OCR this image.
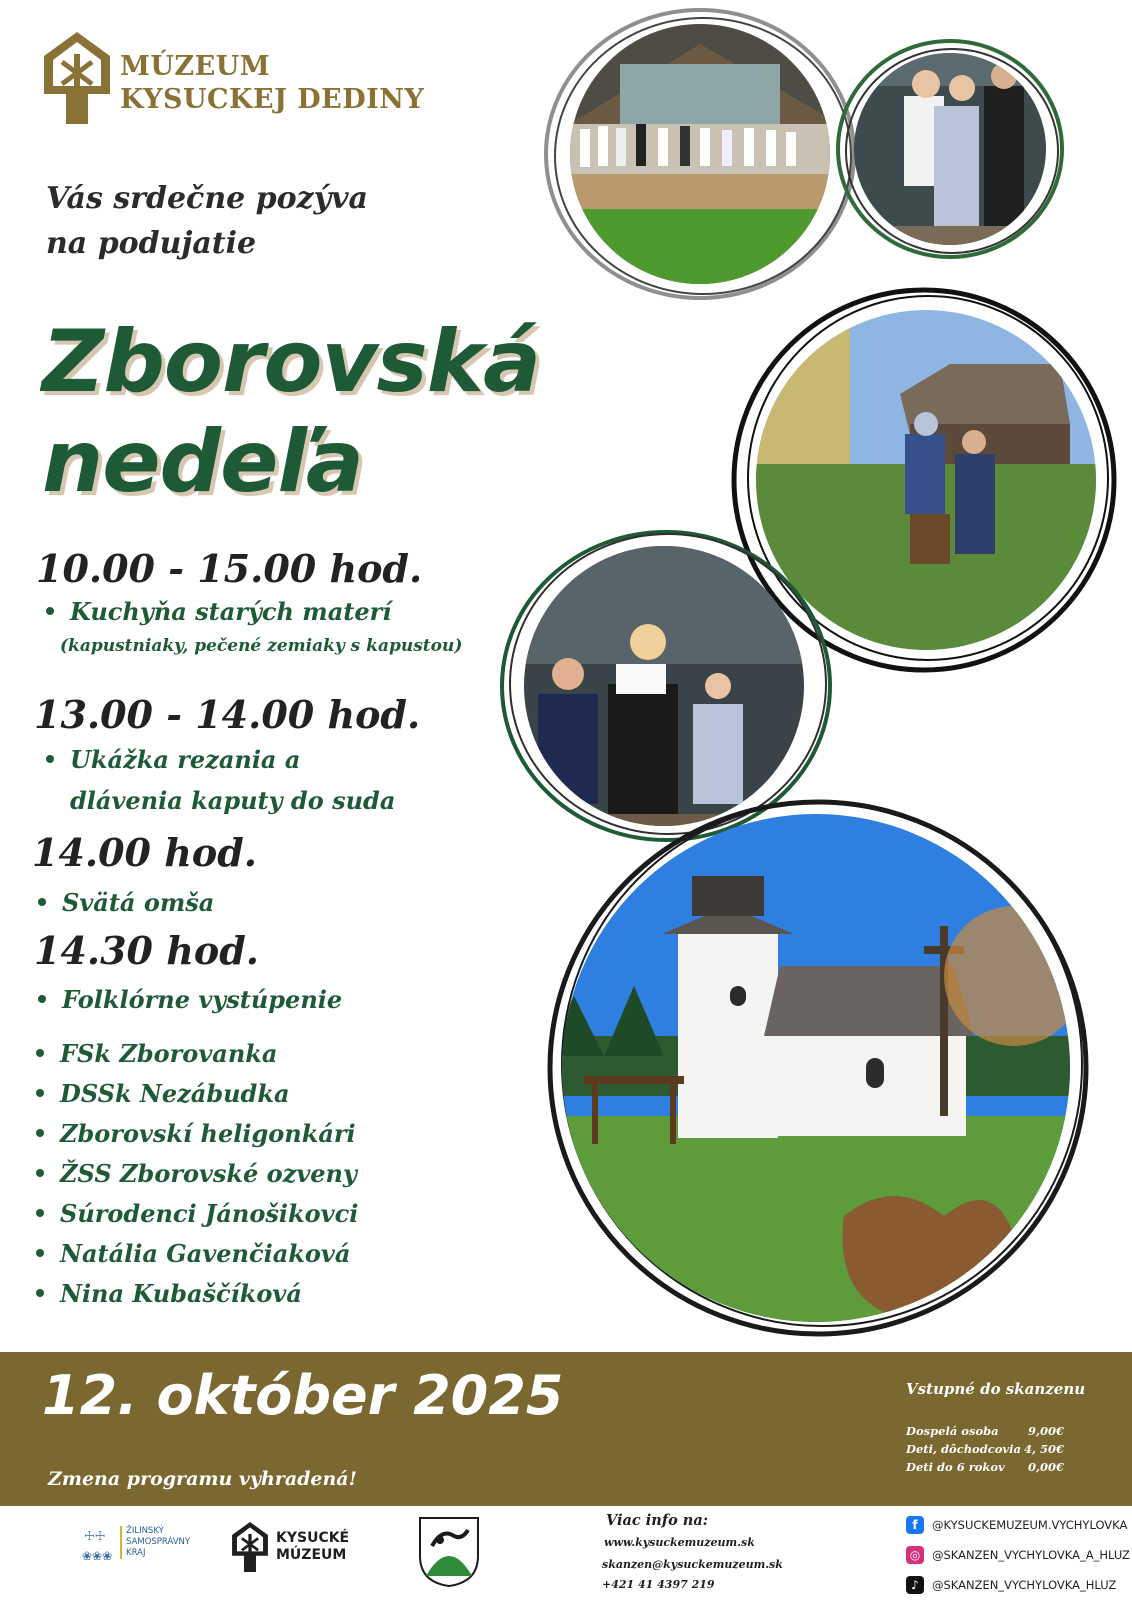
MÚZEUM
KYSUCKEJ DEDINY
Vás srdečne pozýva
na podujatie
Zborovská
nedeľa
10.00 - 15.00 hod.
Kuchyňa starých materí
(kapustniaky, pečené zemiaky s kapustou)
13.00 - 14.00 hod.
Ukážka rezania a
dlávenia kaputy do suda
14.00 hod.
Svätá omša
14.30 hod.
Folklórne vystúpenie
FSk Zborovanka
DSSk Nezábudka
Zborovskí heligonkári
ŽSS Zborovské ozveny
Súrodenci Jánošikovci
Natália Gavenčiaková
Nina Kubaščíková
12. október 2025
Zmena programu vyhradená!
Vstupné do skanzenu
Dospelá osoba	9,00€
Deti, dôchodcovia 4, 50€
Deti do 6 rokov 0,00€
☩☩
❀❀❀
ŽILINSKÝ
SAMOSPRÁVNY
KRAJ
KYSUCKÉ
MÚZEUM
Viac info na:
www.kysuckemuzeum.sk
skanzen@kysuckemuzeum.sk
+421 41 4397 219
f	@KYSUCKEMUZEUM.VYCHYLOVKA
◎	@SKANZEN_VYCHYLOVKA_A_HLUZ
♪	@SKANZEN_VYCHYLOVKA_HLUZ
